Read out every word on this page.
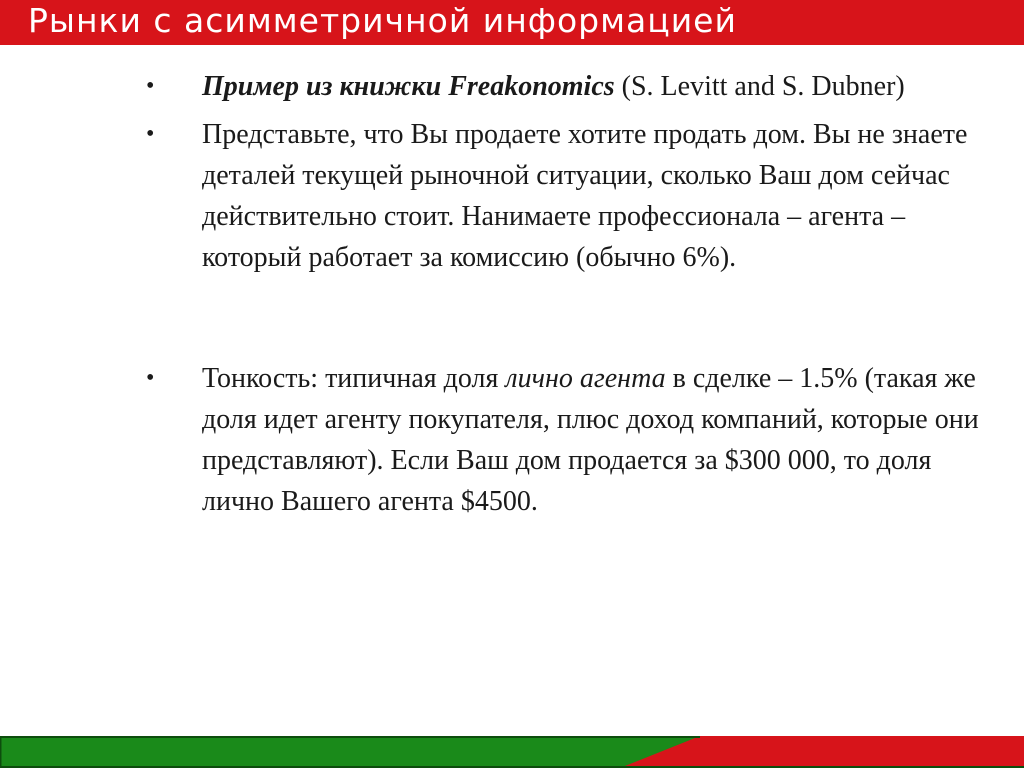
Рынки с асимметричной информацией
• Пример из книжки Freakonomics (S. Levitt and S. Dubner)
• Представьте, что Вы продаете хотите продать дом. Вы не знаете деталей текущей рыночной ситуации, сколько Ваш дом сейчас действительно стоит. Нанимаете профессионала – агента – который работает за комиссию (обычно 6%).
• Тонкость: типичная доля лично агента в сделке – 1.5% (такая же доля идет агенту покупателя, плюс доход компаний, которые они представляют). Если Ваш дом продается за $300 000, то доля лично Вашего агента $4500.
